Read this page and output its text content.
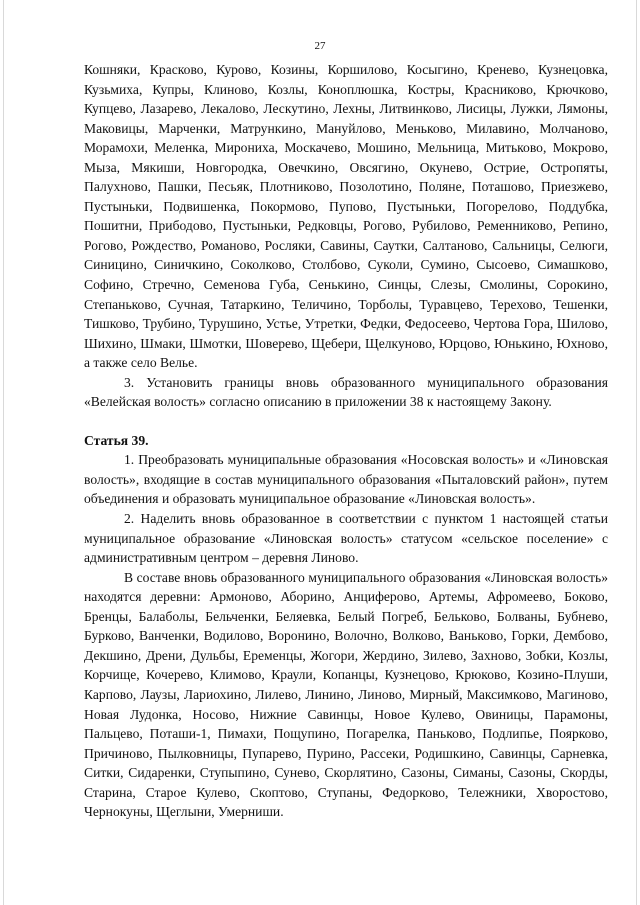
27

Кошняки, Красково, Курово, Козины, Коршилово, Косыгино, Кренево, Кузнецовка, Кузьмиха, Купры, Клиново, Козлы, Коноплюшка, Костры, Красниково, Крючково, Купцево, Лазарево, Лекалово, Лескутино, Лехны, Литвинково, Лисицы, Лужки, Лямоны, Маковицы, Марченки, Матрункино, Мануйлово, Меньково, Милавино, Молчаново, Морамохи, Меленка, Мирониха, Москачево, Мошино, Мельница, Митьково, Мокрово, Мыза, Мякиши, Новгородка, Овечкино, Овсягино, Окунево, Острие, Остропяты, Палухново, Пашки, Песьяк, Плотниково, Позолотино, Поляне, Поташово, Приезжево, Пустыньки, Подвишенка, Покормово, Пупово, Пустыньки, Погорелово, Поддубка, Пошитни, Прибодово, Пустыньки, Редковцы, Рогово, Рубилово, Ременниково, Репино, Рогово, Рождество, Романово, Росляки, Савины, Саутки, Салтаново, Сальницы, Селюги, Синицино, Синичкино, Соколково, Столбово, Суколи, Сумино, Сысоево, Симашково, Софино, Стречно, Семенова Губа, Сенькино, Синцы, Слезы, Смолины, Сорокино, Степаньково, Сучная, Татаркино, Теличино, Торболы, Туравцево, Терехово, Тешенки, Тишково, Трубино, Турушино, Устье, Утретки, Федки, Федосеево, Чертова Гора, Шилово, Шихино, Шмаки, Шмотки, Шоверево, Щебери, Щелкуново, Юрцово, Юнькино, Юхново, а также село Велье.

3. Установить границы вновь образованного муниципального образования «Велейская волость» согласно описанию в приложении 38 к настоящему Закону.

Статья 39.

1. Преобразовать муниципальные образования «Носовская волость» и «Линовская волость», входящие в состав муниципального образования «Пыталовский район», путем объединения и образовать муниципальное образование «Линовская волость».

2. Наделить вновь образованное в соответствии с пунктом 1 настоящей статьи муниципальное образование «Линовская волость» статусом «сельское поселение» с административным центром – деревня Линово.

В составе вновь образованного муниципального образования «Линовская волость» находятся деревни: Армоново, Аборино, Анциферово, Артемы, Афромеево, Боково, Бренцы, Балаболы, Бельченки, Беляевка, Белый Погреб, Бельково, Болваны, Бубнево, Бурково, Ванченки, Водилово, Воронино, Волочно, Волково, Ваньково, Горки, Дембово, Декшино, Дрени, Дульбы, Еременцы, Жогори, Жердино, Зилево, Захново, Зобки, Козлы, Корчище, Кочерево, Климово, Краули, Копанцы, Кузнецово, Крюково, Козино-Плуши, Карпово, Лаузы, Лариохино, Лилево, Линино, Линово, Мирный, Максимково, Магиново, Новая Лудонка, Носово, Нижние Савинцы, Новое Кулево, Овиницы, Парамоны, Пальцево, Поташи-1, Пимахи, Пощупино, Погарелка, Паньково, Подлипье, Поярково, Причиново, Пылковницы, Пупарево, Пурино, Рассеки, Родишкино, Савинцы, Сарневка, Ситки, Сидаренки, Ступыпино, Сунево, Скорлятино, Сазоны, Симаны, Сазоны, Скорды, Старина, Старое Кулево, Скоптово, Ступаны, Федорково, Тележники, Хворостово, Чернокуны, Щеглыни, Умерниши.
